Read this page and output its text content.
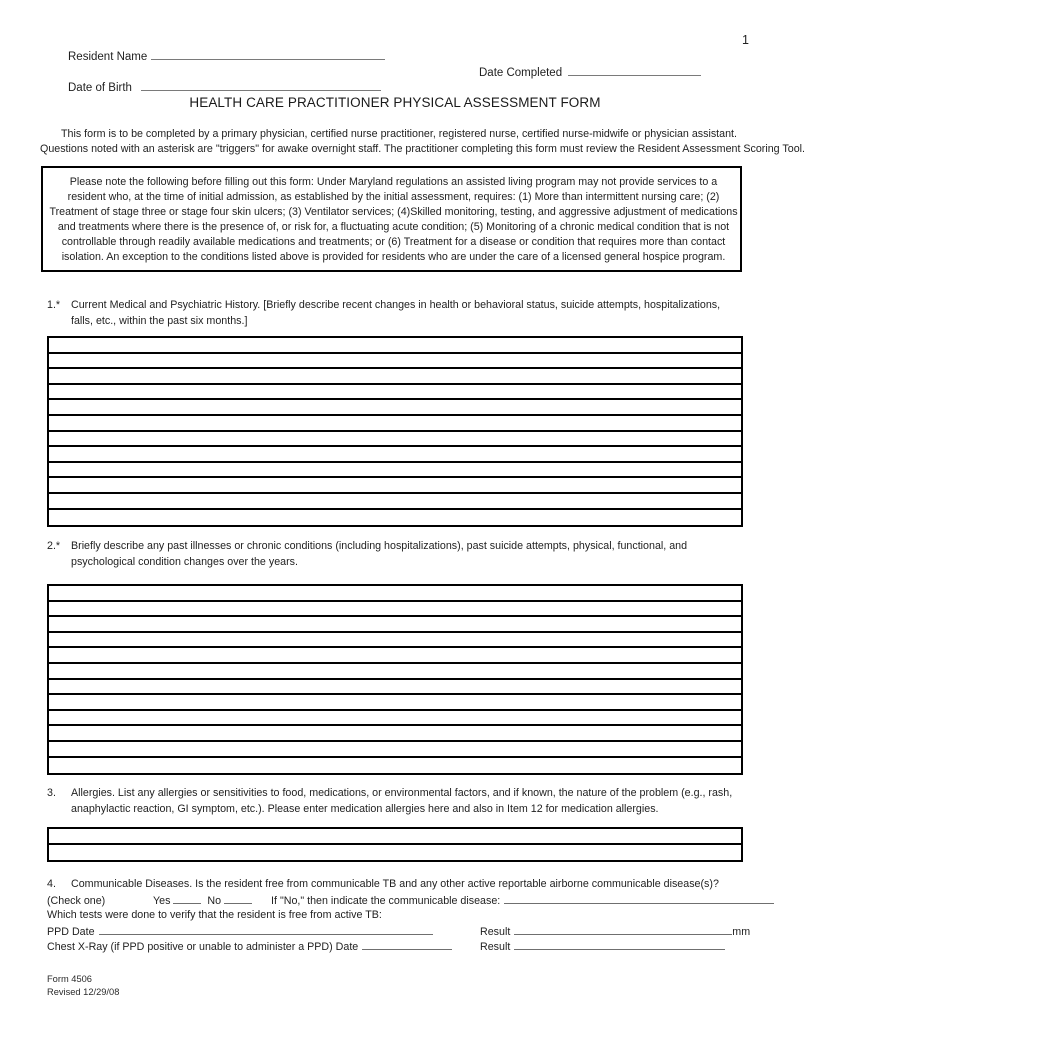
1
Resident Name
Date of Birth
Date Completed
HEALTH CARE PRACTITIONER PHYSICAL ASSESSMENT FORM
This form is to be completed by a primary physician, certified nurse practitioner, registered nurse, certified nurse-midwife or physician assistant.
Questions noted with an asterisk are "triggers" for awake overnight staff. The practitioner completing this form must review the Resident Assessment Scoring Tool.
Please note the following before filling out this form: Under Maryland regulations an assisted living program may not provide services to a
resident who, at the time of initial admission, as established by the initial assessment, requires: (1) More than intermittent nursing care; (2)
Treatment of stage three or stage four skin ulcers; (3) Ventilator services; (4)Skilled monitoring, testing, and aggressive adjustment of medications
and treatments where there is the presence of, or risk for, a fluctuating acute condition; (5) Monitoring of a chronic medical condition that is not
controllable through readily available medications and treatments; or (6) Treatment for a disease or condition that requires more than contact
isolation. An exception to the conditions listed above is provided for residents who are under the care of a licensed general hospice program.
1.*	Current Medical and Psychiatric History. [Briefly describe recent changes in health or behavioral status, suicide attempts, hospitalizations,
falls, etc., within the past six months.]
2.*	Briefly describe any past illnesses or chronic conditions (including hospitalizations), past suicide attempts, physical, functional, and
psychological condition changes over the years.
3.	Allergies. List any allergies or sensitivities to food, medications, or environmental factors, and if known, the nature of the problem (e.g., rash,
anaphylactic reaction, GI symptom, etc.). Please enter medication allergies here and also in Item 12 for medication allergies.
4. Communicable Diseases. Is the resident free from communicable TB and any other active reportable airborne communicable disease(s)?
(Check one)	Yes	No	If "No," then indicate the communicable disease:
Which tests were done to verify that the resident is free from active TB:
PPD Date	Result	mm
Chest X-Ray (if PPD positive or unable to administer a PPD) Date	Result
Form 4506
Revised 12/29/08
